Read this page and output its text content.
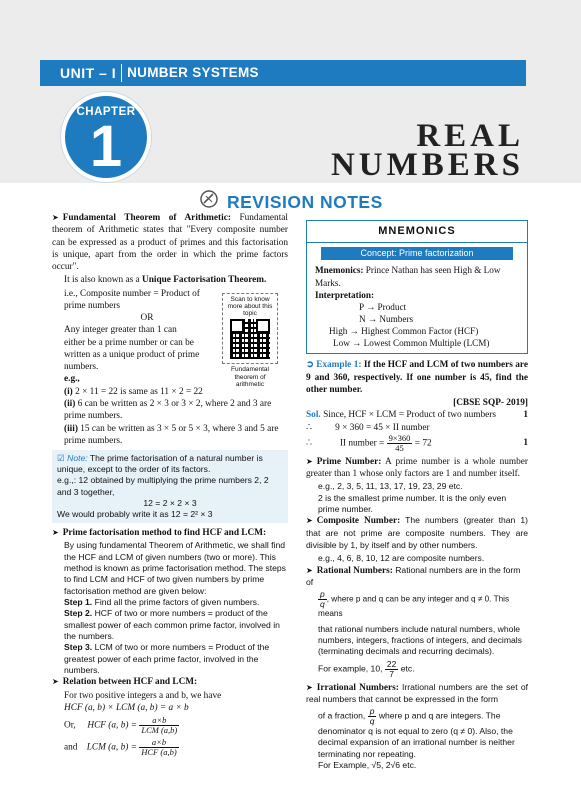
UNIT – I NUMBER SYSTEMS
CHAPTER
1	REAL
NUMBERS
REVISION NOTES
➤ Fundamental Theorem of Arithmetic: Fundamental theorem of Arithmetic states that "Every composite number can be expressed as a product of primes and this factorisation is unique, apart from the order in which the prime factors occur".
It is also known as a Unique Factorisation Theorem.
i.e., Composite number = Product of
prime numbers
OR
Any integer greater than 1 can
either be a prime number or can be
written as a unique product of prime
numbers.
e.g.,
(i) 2 × 11 = 22 is same as 11 × 2 = 22
(ii) 6 can be written as 2 × 3 or 3 × 2, where 2 and 3 are prime numbers.
(iii) 15 can be written as 3 × 5 or 5 × 3, where 3 and 5 are prime numbers.
☑ Note: The prime factorisation of a natural number is unique, except to the order of its factors.
e.g.,: 12 obtained by multiplying the prime numbers 2, 2 and 3 together,
12 = 2 × 2 × 3
We would probably write it as 12 = 2² × 3
➤ Prime factorisation method to find HCF and LCM:
By using fundamental Theorem of Arithmetic, we shall find the HCF and LCM of given numbers (two or more). This method is known as prime factorisation method. The steps to find LCM and HCF of two given numbers by prime factorisation method are given below:
Step 1. Find all the prime factors of given numbers.
Step 2. HCF of two or more numbers = product of the smallest power of each common prime factor, involved in the numbers.
Step 3. LCM of two or more numbers = Product of the greatest power of each prime factor, involved in the numbers.
➤ Relation between HCF and LCM:
For two positive integers a and b, we have
HCF (a, b) × LCM (a, b) = a × b
Or, HCF (a, $b) = \frac{a\times b}{\text{LCM (a,b)}}$
and LCM (a, $b) = \frac{a\times b}{\text{HCF (a,b)}}$
Scan to know more about this topic
Fundamental theorem of arithmetic
MNEMONICS
Concept: Prime factorization
Mnemonics: Prince Nathan has seen High & Low Marks.
Interpretation:
P → Product
N → Numbers
High → Highest Common Factor (HCF)
Low → Lowest Common Multiple (LCM)
➲ Example 1: If the HCF and LCM of two numbers are 9 and 360, respectively. If one number is 45, find the other number.
[CBSE SQP- 2019]
Sol. Since, HCF × LCM = Product of two numbers	1
∴	9 × 360 = 45 × II number
∴	II number = $\frac{9\times 360}{45} = 72$	1
➤ Prime Number: A prime number is a whole number greater than 1 whose only factors are 1 and number itself.
e.g., 2, 3, 5, 11, 13, 17, 19, 23, 29 etc.
2 is the smallest prime number. It is the only even prime number.
➤ Composite Number: The numbers (greater than 1) that are not prime are composite numbers. They are divisible by 1, by itself and by other numbers.
e.g., 4, 6, 8, 10, 12 are composite numbers.
➤ Rational Numbers: Rational numbers are in the form of
$\frac{p}{q}$ , where p and q can be any integer and q ≠ 0. This means
that rational numbers include natural numbers, whole numbers, integers, fractions of integers, and decimals (terminating decimals and recurring decimals).
For example, 10, $\frac{22}{7}$ etc.
➤ Irrational Numbers: Irrational numbers are the set of real numbers that cannot be expressed in the form
of a fraction, $\frac{p}{q}$ where p and q are integers. The
denominator q is not equal to zero (q ≠ 0). Also, the decimal expansion of an irrational number is neither terminating nor repeating.
For Example, √5, 2√6 etc.
